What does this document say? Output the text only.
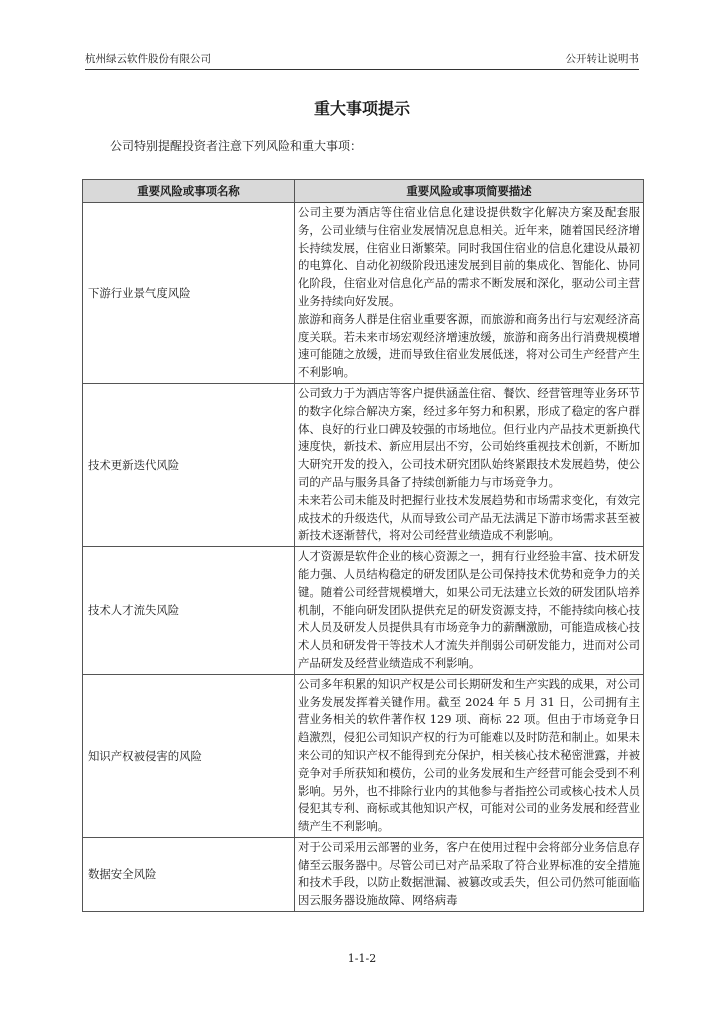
杭州绿云软件股份有限公司	公开转让说明书
重大事项提示
公司特别提醒投资者注意下列风险和重大事项：
重要风险或事项名称	重要风险或事项简要描述
下游行业景气度风险	公司主要为酒店等住宿业信息化建设提供数字化解决方案及配套服务，公司业绩与住宿业发展情况息息相关。近年来，随着国民经济增长持续发展，住宿业日渐繁荣。同时我国住宿业的信息化建设从最初的电算化、自动化初级阶段迅速发展到目前的集成化、智能化、协同化阶段，住宿业对信息化产品的需求不断发展和深化，驱动公司主营业务持续向好发展。

旅游和商务人群是住宿业重要客源，而旅游和商务出行与宏观经济高度关联。若未来市场宏观经济增速放缓，旅游和商务出行消费规模增速可能随之放缓，进而导致住宿业发展低迷，将对公司生产经营产生不利影响。

技术更新迭代风险	公司致力于为酒店等客户提供涵盖住宿、餐饮、经营管理等业务环节的数字化综合解决方案，经过多年努力和积累，形成了稳定的客户群体、良好的行业口碑及较强的市场地位。但行业内产品技术更新换代速度快，新技术、新应用层出不穷，公司始终重视技术创新，不断加大研究开发的投入，公司技术研究团队始终紧跟技术发展趋势，使公司的产品与服务具备了持续创新能力与市场竞争力。

未来若公司未能及时把握行业技术发展趋势和市场需求变化，有效完成技术的升级迭代，从而导致公司产品无法满足下游市场需求甚至被新技术逐渐替代，将对公司经营业绩造成不利影响。

技术人才流失风险	人才资源是软件企业的核心资源之一，拥有行业经验丰富、技术研发能力强、人员结构稳定的研发团队是公司保持技术优势和竞争力的关键。随着公司经营规模增大，如果公司无法建立长效的研发团队培养机制，不能向研发团队提供充足的研发资源支持，不能持续向核心技术人员及研发人员提供具有市场竞争力的薪酬激励，可能造成核心技术人员和研发骨干等技术人才流失并削弱公司研发能力，进而对公司产品研发及经营业绩造成不利影响。

知识产权被侵害的风险	公司多年积累的知识产权是公司长期研发和生产实践的成果，对公司业务发展发挥着关键作用。截至 2024 年 5 月 31 日，公司拥有主营业务相关的软件著作权 129 项、商标 22 项。但由于市场竞争日趋激烈，侵犯公司知识产权的行为可能难以及时防范和制止。如果未来公司的知识产权不能得到充分保护，相关核心技术秘密泄露，并被竞争对手所获知和模仿，公司的业务发展和生产经营可能会受到不利影响。另外，也不排除行业内的其他参与者指控公司或核心技术人员侵犯其专利、商标或其他知识产权，可能对公司的业务发展和经营业绩产生不利影响。

数据安全风险	对于公司采用云部署的业务，客户在使用过程中会将部分业务信息存储至云服务器中。尽管公司已对产品采取了符合业界标准的安全措施和技术手段，以防止数据泄漏、被篡改或丢失，但公司仍然可能面临因云服务器设施故障、网络病毒

1-1-2
